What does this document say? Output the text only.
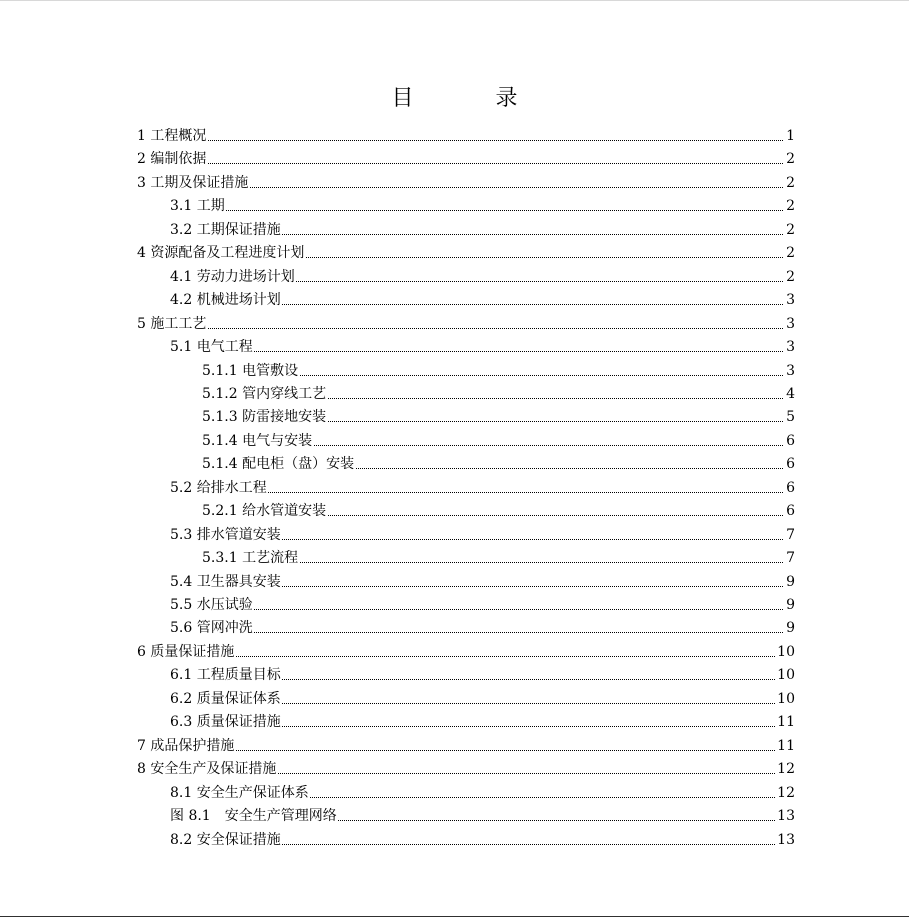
目　录
1 工程概况	1
2 编制依据	2
3 工期及保证措施	2
3.1 工期	2
3.2 工期保证措施	2
4 资源配备及工程进度计划	2
4.1 劳动力进场计划	2
4.2 机械进场计划	3
5 施工工艺	3
5.1 电气工程	3
5.1.1 电管敷设	3
5.1.2 管内穿线工艺	4
5.1.3 防雷接地安装	5
5.1.4 电气与安装	6
5.1.4 配电柜（盘）安装	6
5.2 给排水工程	6
5.2.1 给水管道安装	6
5.3 排水管道安装	7
5.3.1 工艺流程	7
5.4 卫生器具安装	9
5.5 水压试验	9
5.6 管网冲洗	9
6 质量保证措施	10
6.1 工程质量目标	10
6.2 质量保证体系	10
6.3 质量保证措施	11
7 成品保护措施	11
8 安全生产及保证措施	12
8.1 安全生产保证体系	12
图 8.1　安全生产管理网络	13
8.2 安全保证措施	13
